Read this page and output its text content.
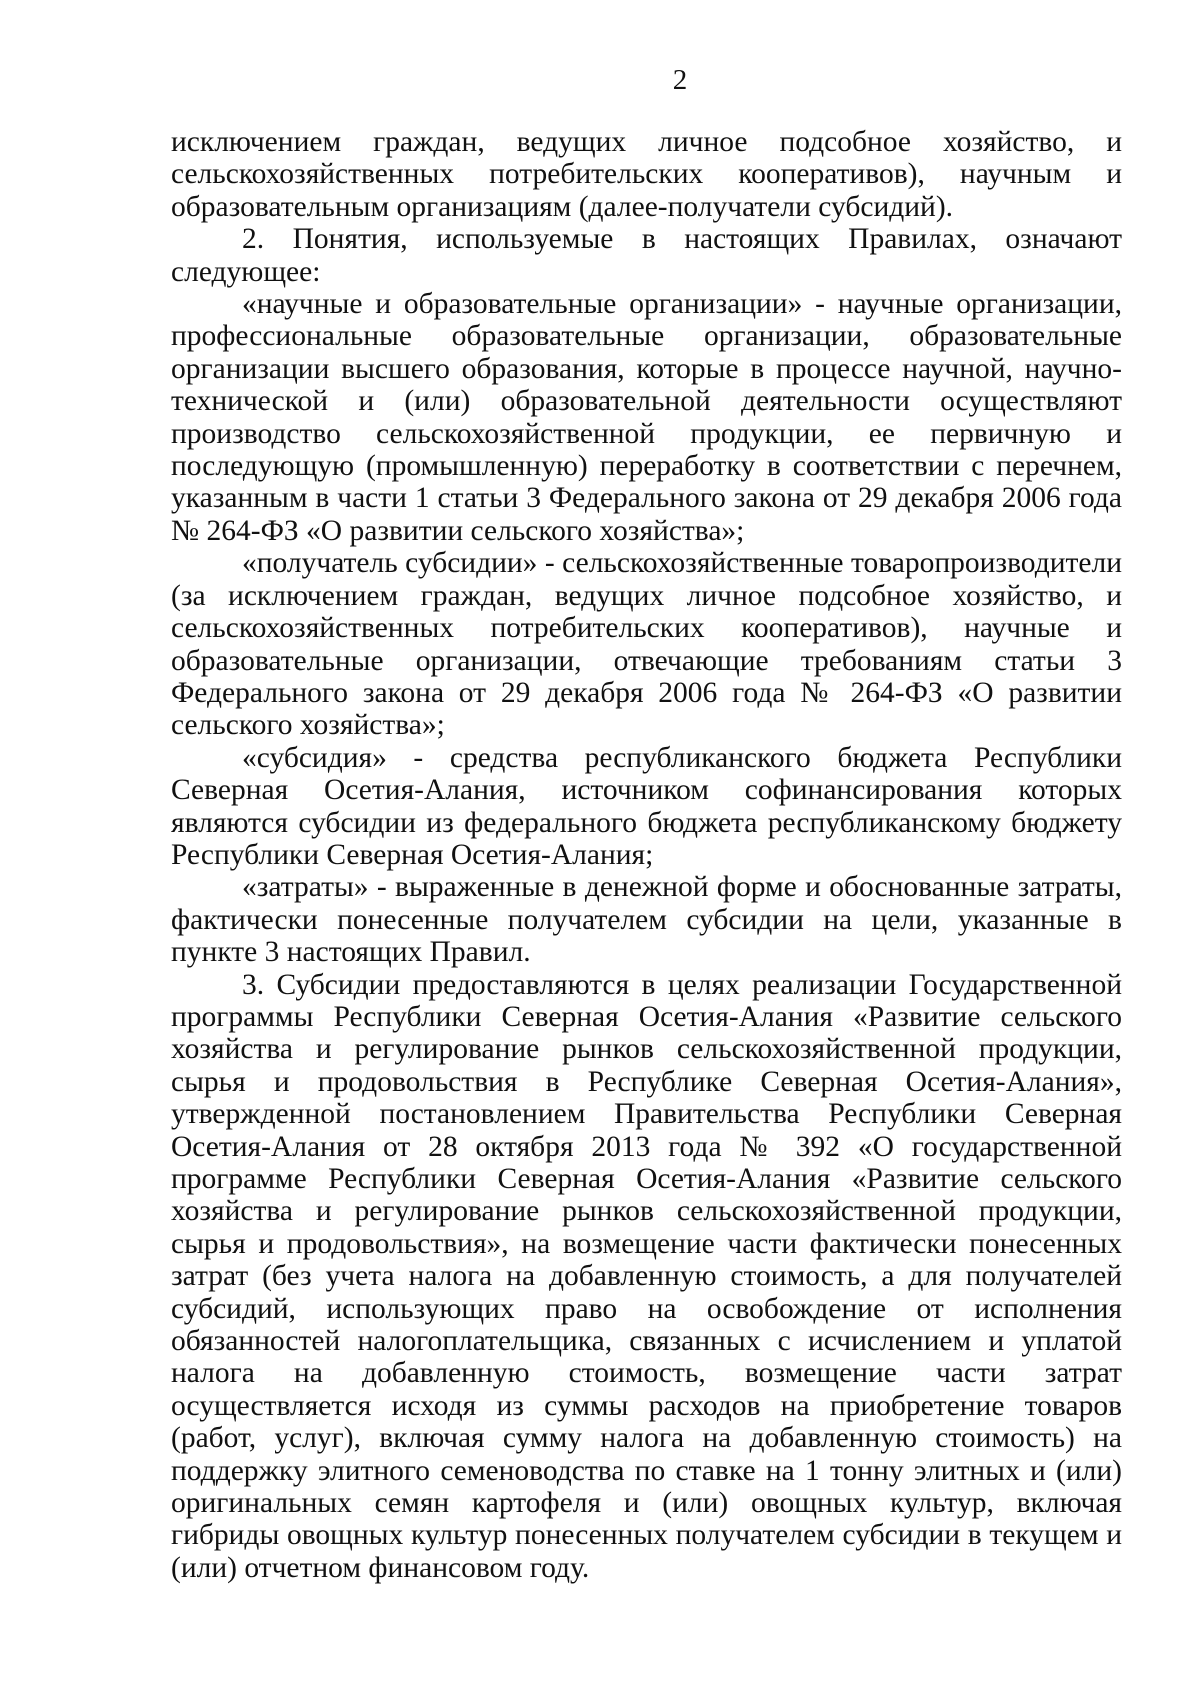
2

исключением граждан, ведущих личное подсобное хозяйство, и сельскохозяйственных потребительских кооперативов), научным и образовательным организациям (далее-получатели субсидий).

2. Понятия, используемые в настоящих Правилах, означают следующее:

«научные и образовательные организации» - научные организации, профессиональные образовательные организации, образовательные организации высшего образования, которые в процессе научной, научно-технической и (или) образовательной деятельности осуществляют производство сельскохозяйственной продукции, ее первичную и последующую (промышленную) переработку в соответствии с перечнем, указанным в части 1 статьи 3 Федерального закона от 29 декабря 2006 года № 264-ФЗ «О развитии сельского хозяйства»;

«получатель субсидии» - сельскохозяйственные товаропроизводители (за исключением граждан, ведущих личное подсобное хозяйство, и сельскохозяйственных потребительских кооперативов), научные и образовательные организации, отвечающие требованиям статьи 3 Федерального закона от 29 декабря 2006 года № 264-ФЗ «О развитии сельского хозяйства»;

«субсидия» - средства республиканского бюджета Республики Северная Осетия-Алания, источником софинансирования которых являются субсидии из федерального бюджета республиканскому бюджету Республики Северная Осетия-Алания;

«затраты» - выраженные в денежной форме и обоснованные затраты, фактически понесенные получателем субсидии на цели, указанные в пункте 3 настоящих Правил.

3. Субсидии предоставляются в целях реализации Государственной программы Республики Северная Осетия-Алания «Развитие сельского хозяйства и регулирование рынков сельскохозяйственной продукции, сырья и продовольствия в Республике Северная Осетия-Алания», утвержденной постановлением Правительства Республики Северная Осетия-Алания от 28 октября 2013 года № 392 «О государственной программе Республики Северная Осетия-Алания «Развитие сельского хозяйства и регулирование рынков сельскохозяйственной продукции, сырья и продовольствия», на возмещение части фактически понесенных затрат (без учета налога на добавленную стоимость, а для получателей субсидий, использующих право на освобождение от исполнения обязанностей налогоплательщика, связанных с исчислением и уплатой налога на добавленную стоимость, возмещение части затрат осуществляется исходя из суммы расходов на приобретение товаров (работ, услуг), включая сумму налога на добавленную стоимость) на поддержку элитного семеноводства по ставке на 1 тонну элитных и (или) оригинальных семян картофеля и (или) овощных культур, включая гибриды овощных культур понесенных получателем субсидии в текущем и (или) отчетном финансовом году.
